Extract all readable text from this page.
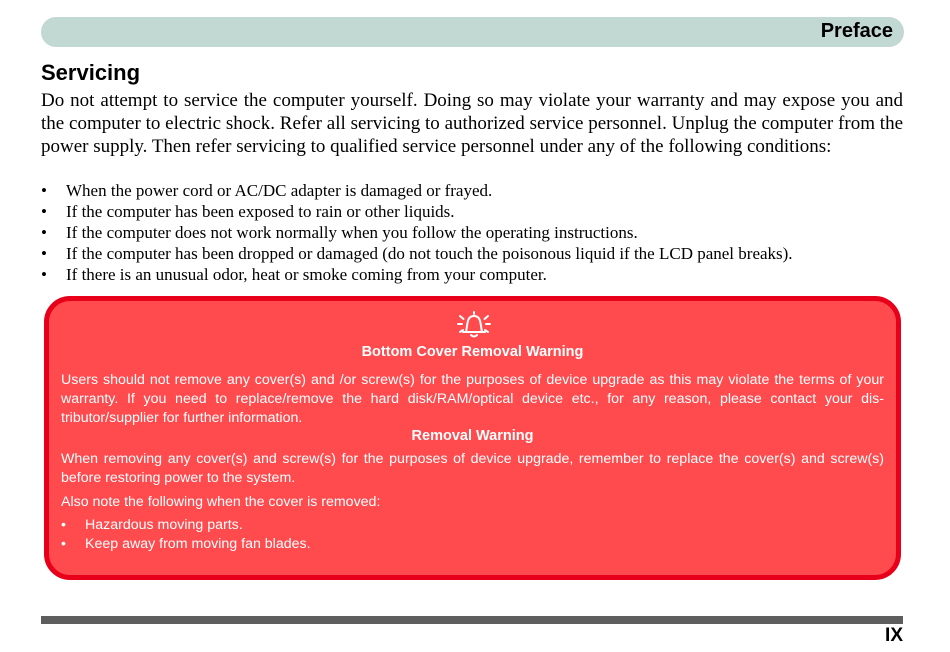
Preface
Servicing

Do not attempt to service the computer yourself. Doing so may violate your warranty and may expose you and the computer to electric shock. Refer all servicing to authorized service personnel. Unplug the computer from the power supply. Then refer servicing to qualified service personnel under any of the following conditions:

• When the power cord or AC/DC adapter is damaged or frayed.
• If the computer has been exposed to rain or other liquids.
• If the computer does not work normally when you follow the operating instructions.
• If the computer has been dropped or damaged (do not touch the poisonous liquid if the LCD panel breaks).
• If there is an unusual odor, heat or smoke coming from your computer.
Bottom Cover Removal Warning

Users should not remove any cover(s) and /or screw(s) for the purposes of device upgrade as this may violate the terms of your warranty. If you need to replace/remove the hard disk/RAM/optical device etc., for any reason, please contact your distributor/supplier for further information.

Removal Warning

When removing any cover(s) and screw(s) for the purposes of device upgrade, remember to replace the cover(s) and screw(s) before restoring power to the system.

Also note the following when the cover is removed:

• Hazardous moving parts.
• Keep away from moving fan blades.
IX
